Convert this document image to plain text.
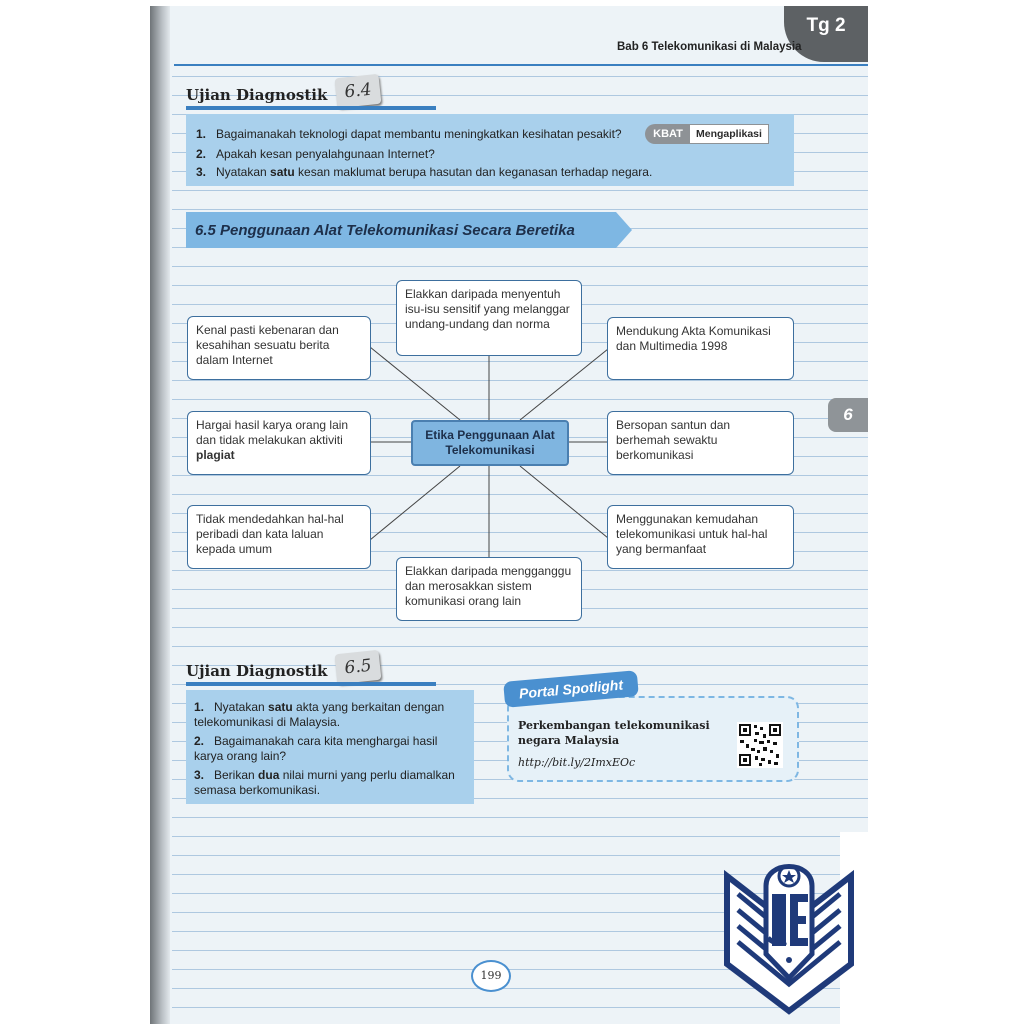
Tg 2
Bab 6 Telekomunikasi di Malaysia
Ujian Diagnostik 6.4
1. Bagaimanakah teknologi dapat membantu meningkatkan kesihatan pesakit?	KBAT	Mengaplikasi
2. Apakah kesan penyalahgunaan Internet?
3. Nyatakan satu kesan maklumat berupa hasutan dan keganasan terhadap negara.
6.5 Penggunaan Alat Telekomunikasi Secara Beretika
Elakkan daripada menyentuh isu-isu sensitif yang melanggar undang-undang dan norma
Kenal pasti kebenaran dan kesahihan sesuatu berita dalam Internet
Mendukung Akta Komunikasi dan Multimedia 1998
Hargai hasil karya orang lain dan tidak melakukan aktiviti plagiat
Bersopan santun dan berhemah sewaktu berkomunikasi
Tidak mendedahkan hal-hal peribadi dan kata laluan kepada umum
Menggunakan kemudahan telekomunikasi untuk hal-hal yang bermanfaat
Elakkan daripada mengganggu dan merosakkan sistem komunikasi orang lain
Etika Penggunaan Alat Telekomunikasi
6
Ujian Diagnostik 6.5
1. Nyatakan satu akta yang berkaitan dengan telekomunikasi di Malaysia.
2. Bagaimanakah cara kita menghargai hasil karya orang lain?
3. Berikan dua nilai murni yang perlu diamalkan semasa berkomunikasi.
Portal Spotlight
Perkembangan telekomunikasi negara Malaysia
http://bit.ly/2ImxEOc
199
